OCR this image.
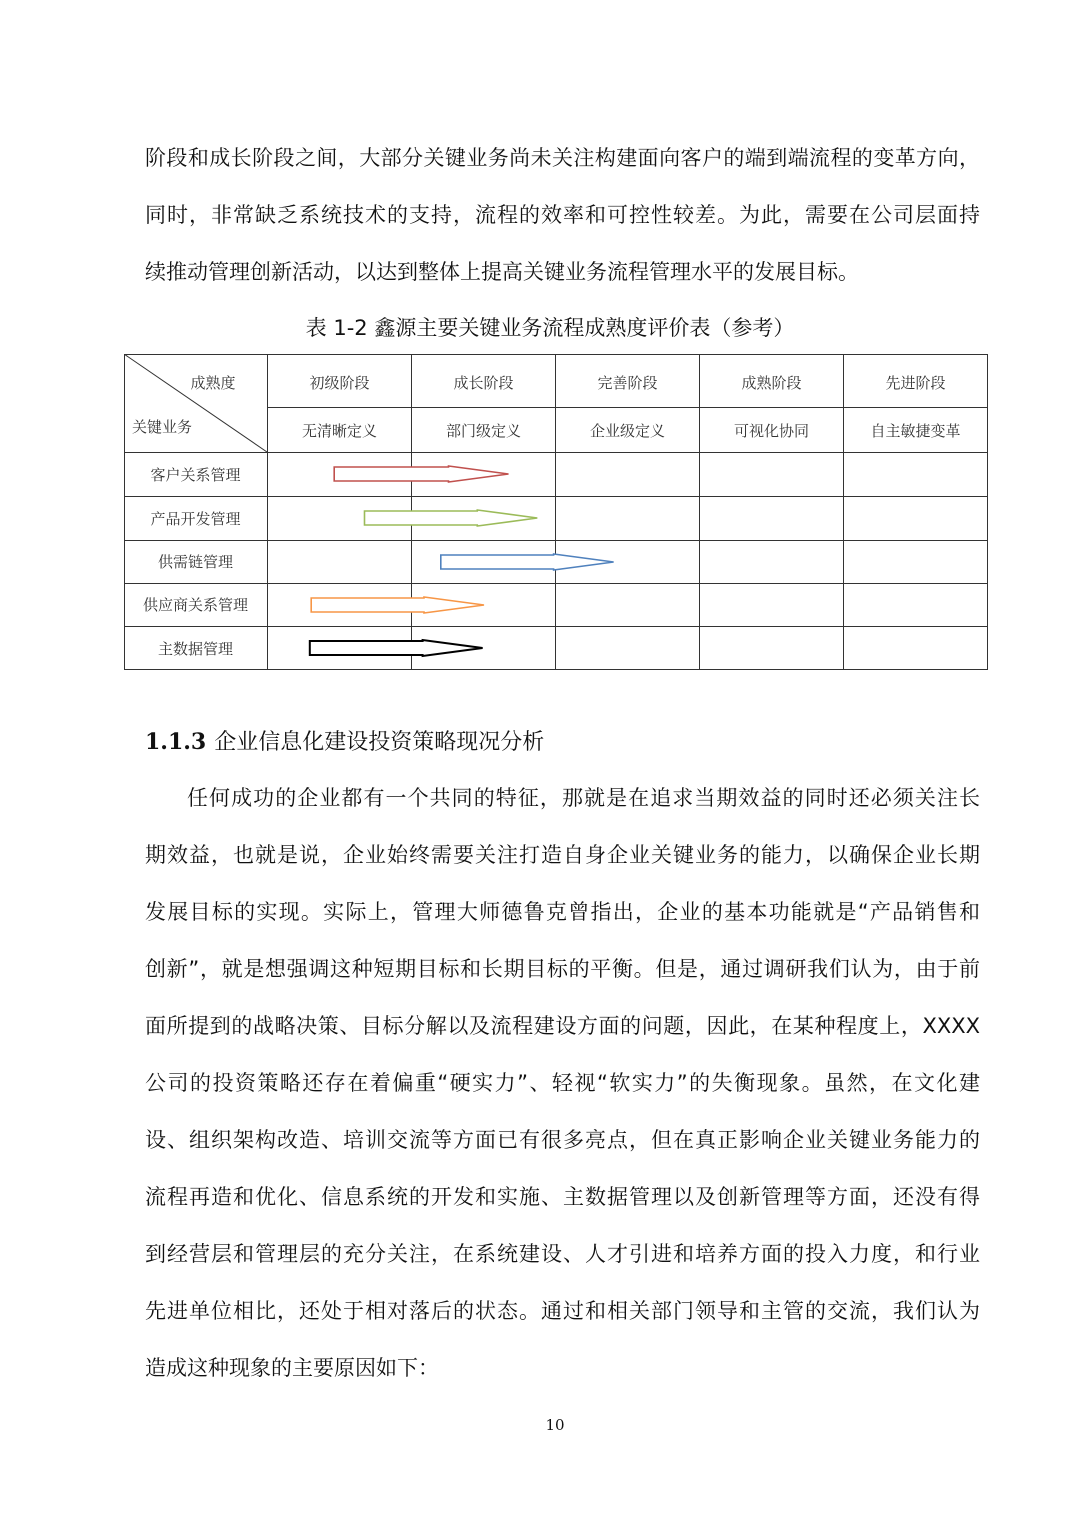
阶段和成长阶段之间，大部分关键业务尚未关注构建面向客户的端到端流程的变革方向，
同时，非常缺乏系统技术的支持，流程的效率和可控性较差。为此，需要在公司层面持
续推动管理创新活动，以达到整体上提高关键业务流程管理水平的发展目标。
表 1-2 鑫源主要关键业务流程成熟度评价表（参考）
成熟度
关键业务
初级阶段	成长阶段	完善阶段	成熟阶段	先进阶段
无清晰定义	部门级定义	企业级定义	可视化协同	自主敏捷变革
客户关系管理
产品开发管理
供需链管理
供应商关系管理
主数据管理
1.1.3 企业信息化建设投资策略现况分析
任何成功的企业都有一个共同的特征，那就是在追求当期效益的同时还必须关注长
期效益，也就是说，企业始终需要关注打造自身企业关键业务的能力，以确保企业长期
发展目标的实现。实际上，管理大师德鲁克曾指出，企业的基本功能就是“产品销售和
创新”，就是想强调这种短期目标和长期目标的平衡。但是，通过调研我们认为，由于前
面所提到的战略决策、目标分解以及流程建设方面的问题，因此，在某种程度上，XXXX
公司的投资策略还存在着偏重“硬实力”、轻视“软实力”的失衡现象。虽然，在文化建
设、组织架构改造、培训交流等方面已有很多亮点，但在真正影响企业关键业务能力的
流程再造和优化、信息系统的开发和实施、主数据管理以及创新管理等方面，还没有得
到经营层和管理层的充分关注，在系统建设、人才引进和培养方面的投入力度，和行业
先进单位相比，还处于相对落后的状态。通过和相关部门领导和主管的交流，我们认为
造成这种现象的主要原因如下：
10
